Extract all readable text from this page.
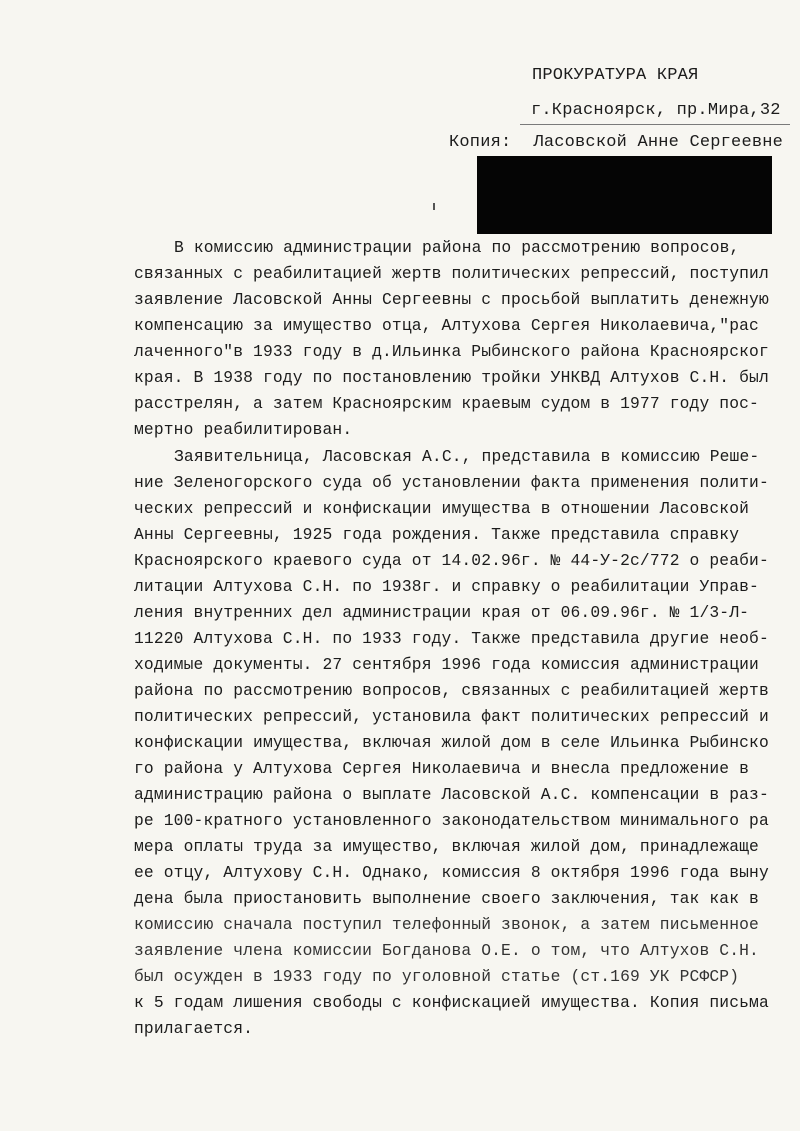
ПРОКУРАТУРА КРАЯ
г.Красноярск, пр.Мира,32
Копия: Ласовской Анне Сергеевне
В комиссию администрации района по рассмотрению вопросов,
связанных с реабилитацией жертв политических репрессий, поступил
заявление Ласовской Анны Сергеевны с просьбой выплатить денежную
компенсацию за имущество отца, Алтухова Сергея Николаевича,"рас
лаченного"в 1933 году в д.Ильинка Рыбинского района Красноярског
края. В 1938 году по постановлению тройки УНКВД Алтухов С.Н. был
расстрелян, а затем Красноярским краевым судом в 1977 году пос-
мертно реабилитирован.
Заявительница, Ласовская А.С., представила в комиссию Реше-
ние Зеленогорского суда об установлении факта применения полити-
ческих репрессий и конфискации имущества в отношении Ласовской
Анны Сергеевны, 1925 года рождения. Также представила справку
Красноярского краевого суда от 14.02.96г. № 44-У-2с/772 о реаби-
литации Алтухова С.Н. по 1938г. и справку о реабилитации Управ-
ления внутренних дел администрации края от 06.09.96г. № 1/3-Л-
11220 Алтухова С.Н. по 1933 году. Также представила другие необ-
ходимые документы. 27 сентября 1996 года комиссия администрации
района по рассмотрению вопросов, связанных с реабилитацией жертв
политических репрессий, установила факт политических репрессий и
конфискации имущества, включая жилой дом в селе Ильинка Рыбинско
го района у Алтухова Сергея Николаевича и внесла предложение в
администрацию района о выплате Ласовской А.С. компенсации в раз-
ре 100-кратного установленного законодательством минимального ра
мера оплаты труда за имущество, включая жилой дом, принадлежаще
ее отцу, Алтухову С.Н. Однако, комиссия 8 октября 1996 года выну
дена была приостановить выполнение своего заключения, так как в
комиссию сначала поступил телефонный звонок, а затем письменное
заявление члена комиссии Богданова О.Е. о том, что Алтухов С.Н.
был осужден в 1933 году по уголовной статье (ст.169 УК РСФСР)
к 5 годам лишения свободы с конфискацией имущества. Копия письма
прилагается.
